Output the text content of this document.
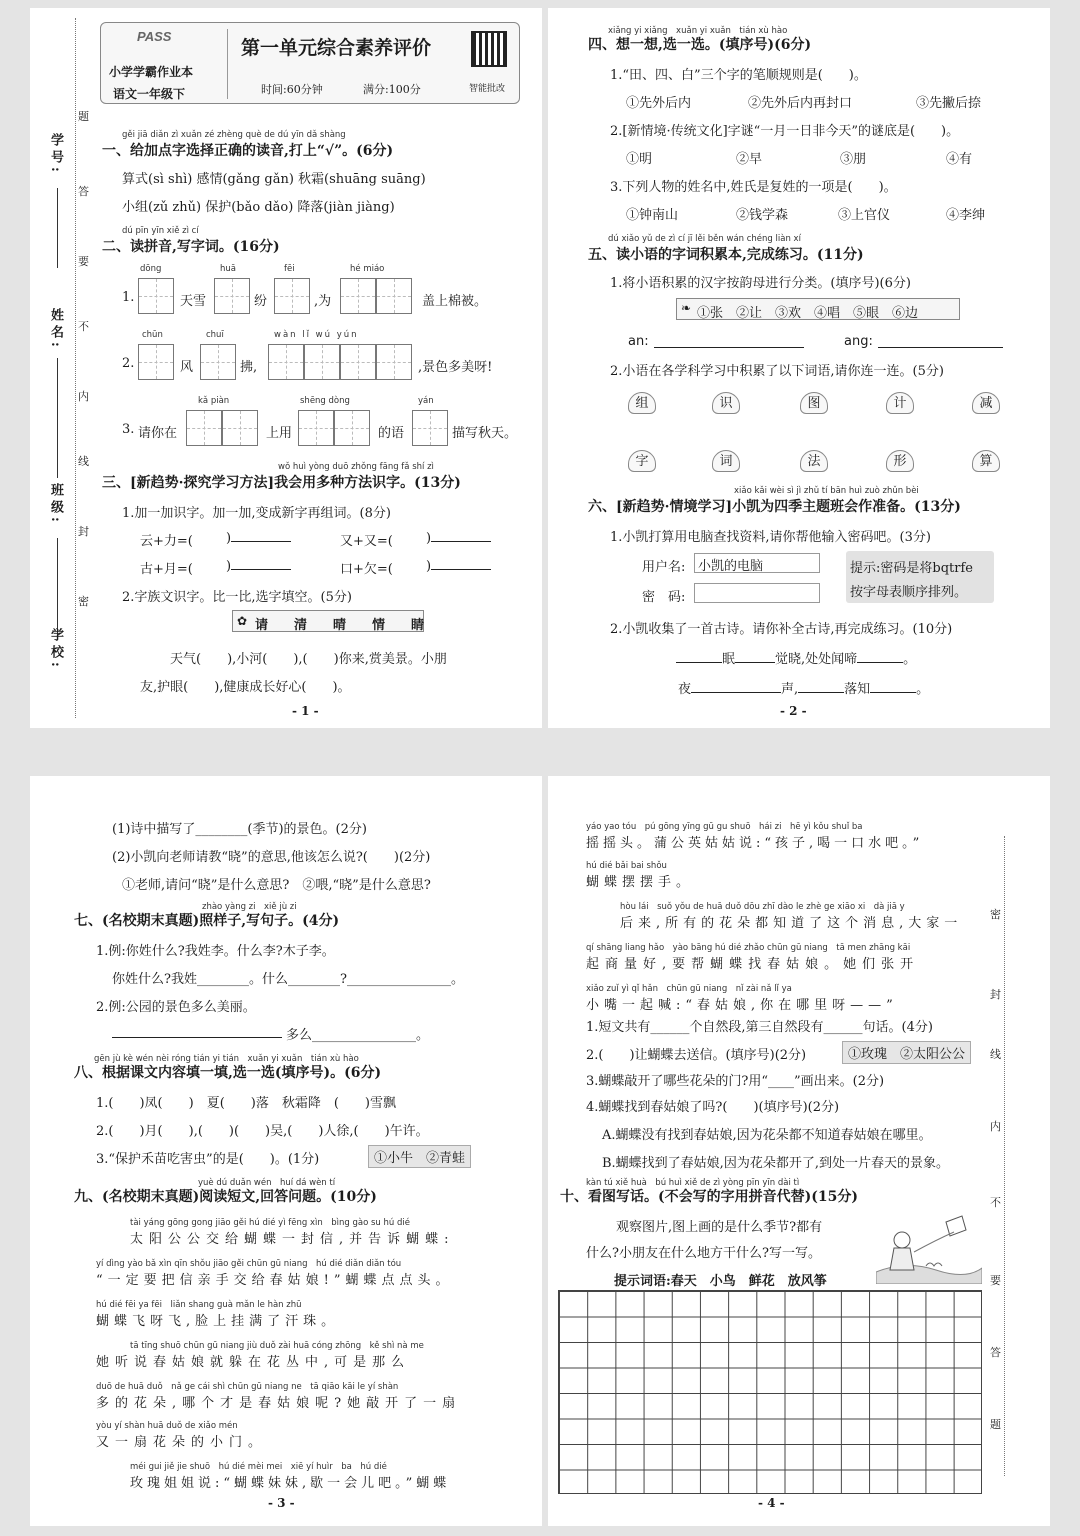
学号:
姓名:
班级:
学校:
题
答
要
不
内
线
封
密
PASS
小学学霸作业本
语文一年级下
第一单元综合素养评价
时间:60分钟	满分:100分	智能批改
gěi jiā diǎn zì xuǎn zé zhèng què de dú yīn dǎ shàng
一、给加点字选择正确的读音,打上“√”。(6分)
算式(sì shì) 感情(gǎng gǎn) 秋霜(shuāng suāng)
小组(zǔ zhǔ) 保护(bǎo dǎo) 降落(jiàn jiàng)
dú pīn yīn xiě zì cí
二、读拼音,写字词。(16分)
dōng	huā	fēi	hé miáo
1.	天雪	纷	,为	盖上棉被。
chūn	chuī	wàn lǐ wú yún
2.	风	拂,	,景色多美呀!
kǎ piàn	shēng dòng	yán
3. 请你在	上用	的语	描写秋天。
wǒ huì yòng duō zhǒng fāng fǎ shí zì
三、[新趋势·探究学习方法]我会用多种方法识字。(13分)
1.加一加识字。加一加,变成新字再组词。(8分)
云+力=(	)	又+又=(	)
古+月=(	)	口+欠=(	)
2.字族文识字。比一比,选字填空。(5分)
✿ 请　　清　　晴　　情　　睛
天气(　　),小河(　　),(　　)你来,赏美景。小朋
友,护眼(　　),健康成长好心(　　)。
- 1 -
xiǎng yi xiǎng　xuǎn yi xuǎn　tián xù hào
四、想一想,选一选。(填序号)(6分)
1.“田、四、白”三个字的笔顺规则是(　　)。
①先外后内	②先外后内再封口	③先撇后捺
2.[新情境·传统文化]字谜“一月一日非今天”的谜底是(　　)。
①明	②早	③朋	④有
3.下列人物的姓名中,姓氏是复姓的一项是(　　)。
①钟南山	②钱学森	③上官仪	④李绅
dú xiǎo yǔ de zì cí jī lěi běn wán chéng liàn xí
五、读小语的字词积累本,完成练习。(11分)
1.将小语积累的汉字按韵母进行分类。(填序号)(6分)
❧ ①张　②让　③欢　④唱　⑤眼　⑥边
an:	ang:
2.小语在各学科学习中积累了以下词语,请你连一连。(5分)
组	识	图	计	减
字	词	法	形	算
xiǎo kǎi wèi sì jì zhǔ tí bān huì zuò zhǔn bèi
六、[新趋势·情境学习]小凯为四季主题班会作准备。(13分)
1.小凯打算用电脑查找资料,请你帮他输入密码吧。(3分)
用户名: 小凯的电脑
密　码:
提示:密码是将bqtrfe
按字母表顺序排列。
2.小凯收集了一首古诗。请你补全古诗,再完成练习。(10分)
眠	觉晓,处处闻啼	。
夜	声,	落知	。
- 2 -
(1)诗中描写了________(季节)的景色。(2分)
(2)小凯向老师请教“晓”的意思,他该怎么说?(　　)(2分)
①老师,请问“晓”是什么意思?　②喂,“晓”是什么意思?
zhào yàng zi　xiě jù zi
七、(名校期末真题)照样子,写句子。(4分)
1.例:你姓什么?我姓李。什么李?木子李。
你姓什么?我姓________。什么________?________________。
2.例:公园的景色多么美丽。
多么________________。
gēn jù kè wén nèi róng tián yi tián　xuǎn yi xuǎn　tián xù hào
八、根据课文内容填一填,选一选(填序号)。(6分)
1.(　　)凤(　　)　夏(　　)落　秋霜降　(　　)雪飘
2.(　　)月(　　),(　　)(　　)吴,(　　)人徐,(　　)午许。
3.“保护禾苗吃害虫”的是(　　)。(1分)	①小牛　②青蛙
yuè dú duǎn wén　huí dá wèn tí
九、(名校期末真题)阅读短文,回答问题。(10分)
tài yáng gōng gong jiāo gěi hú dié yì fēng xìn　bìng gào su hú dié
太阳公公交给蝴蝶一封信,并告诉蝴蝶:
yí dìng yào bǎ xìn qīn shǒu jiāo gěi chūn gū niang　hú dié diǎn diǎn tóu
“一定要把信亲手交给春姑娘!”蝴蝶点点头。
hú dié fēi ya fēi　liǎn shang guà mǎn le hàn zhū
蝴蝶飞呀飞,脸上挂满了汗珠。
tā tīng shuō chūn gū niang jiù duǒ zài huā cóng zhōng　kě shì nà me
她听说春姑娘就躲在花丛中,可是那么
duō de huā duǒ　nǎ ge cái shì chūn gū niang ne　tā qiāo kāi le yí shàn
多的花朵,哪个才是春姑娘呢?她敲开了一扇
yòu yí shàn huā duǒ de xiǎo mén
又一扇花朵的小门。
méi gui jiě jie shuō　hú dié mèi mei　xiē yí huìr　ba　hú dié
玫瑰姐姐说:“蝴蝶妹妹,歇一会儿吧。”蝴蝶
- 3 -
yáo yao tóu　pú gōng yīng gū gu shuō　hái zi　hē yì kǒu shuǐ ba
摇摇头。蒲公英姑姑说:“孩子,喝一口水吧。”
hú dié bǎi bai shǒu
蝴蝶摆摆手。
hòu lái　suǒ yǒu de huā duǒ dōu zhī dào le zhè ge xiāo xi　dà jiā y
后来,所有的花朵都知道了这个消息,大家一
qí shāng liang hǎo　yào bāng hú dié zhǎo chūn gū niang　tā men zhāng kāi
起商量好,要帮蝴蝶找春姑娘。她们张开
xiǎo zuǐ yì qǐ hǎn　chūn gū niang　nǐ zài nǎ lǐ ya
小嘴一起喊:“春姑娘,你在哪里呀——”
1.短文共有______个自然段,第三自然段有______句话。(4分)
2.(　　)让蝴蝶去送信。(填序号)(2分)	①玫瑰　②太阳公公
3.蝴蝶敲开了哪些花朵的门?用“____”画出来。(2分)
4.蝴蝶找到春姑娘了吗?(　　)(填序号)(2分)
A.蝴蝶没有找到春姑娘,因为花朵都不知道春姑娘在哪里。
B.蝴蝶找到了春姑娘,因为花朵都开了,到处一片春天的景象。
kàn tú xiě huà　bú huì xiě de zì yòng pīn yīn dài tì
十、看图写话。(不会写的字用拼音代替)(15分)
观察图片,图上画的是什么季节?都有
什么?小朋友在什么地方干什么?写一写。
提示词语:春天　小鸟　鲜花　放风筝
密
封
线
内
不
要
答
题
- 4 -
